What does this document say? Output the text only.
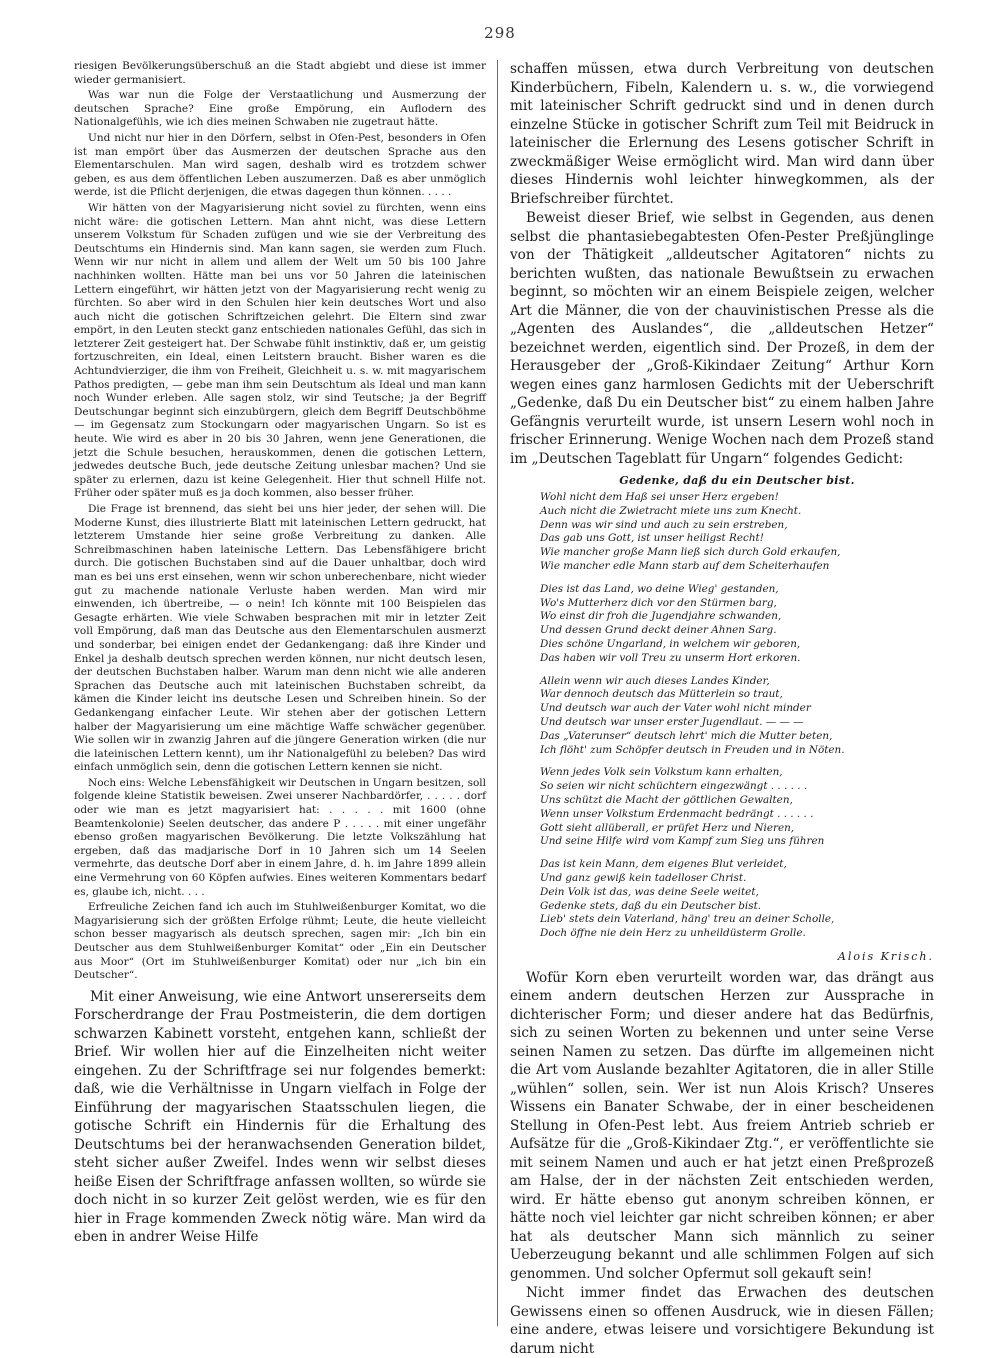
298

riesigen Bevölkerungsüberschuß an die Stadt abgiebt und diese ist immer wieder germanisiert.

Was war nun die Folge der Verstaatlichung und Ausmerzung der deutschen Sprache? Eine große Empörung, ein Auflodern des Nationalgefühls, wie ich dies meinen Schwaben nie zugetraut hätte.

Und nicht nur hier in den Dörfern, selbst in Ofen-Pest, besonders in Ofen ist man empört über das Ausmerzen der deutschen Sprache aus den Elementarschulen. Man wird sagen, deshalb wird es trotzdem schwer geben, es aus dem öffentlichen Leben auszumerzen. Daß es aber unmöglich werde, ist die Pflicht derjenigen, die etwas dagegen thun können. . . . .

Wir hätten von der Magyarisierung nicht soviel zu fürchten, wenn eins nicht wäre: die gotischen Lettern. Man ahnt nicht, was diese Lettern unserem Volkstum für Schaden zufügen und wie sie der Verbreitung des Deutschtums ein Hindernis sind. Man kann sagen, sie werden zum Fluch. Wenn wir nur nicht in allem und allem der Welt um 50 bis 100 Jahre nachhinken wollten. Hätte man bei uns vor 50 Jahren die lateinischen Lettern eingeführt, wir hätten jetzt von der Magyarisierung recht wenig zu fürchten. So aber wird in den Schulen hier kein deutsches Wort und also auch nicht die gotischen Schriftzeichen gelehrt. Die Eltern sind zwar empört, in den Leuten steckt ganz entschieden nationales Gefühl, das sich in letzterer Zeit gesteigert hat. Der Schwabe fühlt instinktiv, daß er, um geistig fortzuschreiten, ein Ideal, einen Leitstern braucht. Bisher waren es die Achtundvierziger, die ihm von Freiheit, Gleichheit u. s. w. mit magyarischem Pathos predigten, — gebe man ihm sein Deutschtum als Ideal und man kann noch Wunder erleben. Alle sagen stolz, wir sind Teutsche; ja der Begriff Deutschungar beginnt sich einzubürgern, gleich dem Begriff Deutschböhme — im Gegensatz zum Stockungarn oder magyarischen Ungarn. So ist es heute. Wie wird es aber in 20 bis 30 Jahren, wenn jene Generationen, die jetzt die Schule besuchen, herauskommen, denen die gotischen Lettern, jedwedes deutsche Buch, jede deutsche Zeitung unlesbar machen? Und sie später zu erlernen, dazu ist keine Gelegenheit. Hier thut schnell Hilfe not. Früher oder später muß es ja doch kommen, also besser früher.

Die Frage ist brennend, das sieht bei uns hier jeder, der sehen will. Die Moderne Kunst, dies illustrierte Blatt mit lateinischen Lettern gedruckt, hat letzterem Umstande hier seine große Verbreitung zu danken. Alle Schreibmaschinen haben lateinische Lettern. Das Lebensfähigere bricht durch. Die gotischen Buchstaben sind auf die Dauer unhaltbar, doch wird man es bei uns erst einsehen, wenn wir schon unberechenbare, nicht wieder gut zu machende nationale Verluste haben werden. Man wird mir einwenden, ich übertreibe, — o nein! Ich könnte mit 100 Beispielen das Gesagte erhärten. Wie viele Schwaben besprachen mit mir in letzter Zeit voll Empörung, daß man das Deutsche aus den Elementarschulen ausmerzt und sonderbar, bei einigen endet der Gedankengang: daß ihre Kinder und Enkel ja deshalb deutsch sprechen werden können, nur nicht deutsch lesen, der deutschen Buchstaben halber. Warum man denn nicht wie alle anderen Sprachen das Deutsche auch mit lateinischen Buchstaben schreibt, da kämen die Kinder leicht ins deutsche Lesen und Schreiben hinein. So der Gedankengang einfacher Leute. Wir stehen aber der gotischen Lettern halber der Magyarisierung um eine mächtige Waffe schwächer gegenüber. Wie sollen wir in zwanzig Jahren auf die jüngere Generation wirken (die nur die lateinischen Lettern kennt), um ihr Nationalgefühl zu beleben? Das wird einfach unmöglich sein, denn die gotischen Lettern kennen sie nicht.

Noch eins: Welche Lebensfähigkeit wir Deutschen in Ungarn besitzen, soll folgende kleine Statistik beweisen. Zwei unserer Nachbardörfer, . . . . . dorf oder wie man es jetzt magyarisiert hat: . . . . . mit 1600 (ohne Beamtenkolonie) Seelen deutscher, das andere P . . . . . mit einer ungefähr ebenso großen magyarischen Bevölkerung. Die letzte Volkszählung hat ergeben, daß das madjarische Dorf in 10 Jahren sich um 14 Seelen vermehrte, das deutsche Dorf aber in einem Jahre, d. h. im Jahre 1899 allein eine Vermehrung von 60 Köpfen aufwies. Eines weiteren Kommentars bedarf es, glaube ich, nicht. . . .

Erfreuliche Zeichen fand ich auch im Stuhlweißenburger Komitat, wo die Magyarisierung sich der größten Erfolge rühmt; Leute, die heute vielleicht schon besser magyarisch als deutsch sprechen, sagen mir: „Ich bin ein Deutscher aus dem Stuhlweißenburger Komitat“ oder „Ein ein Deutscher aus Moor“ (Ort im Stuhlweißenburger Komitat) oder nur „ich bin ein Deutscher“.

Mit einer Anweisung, wie eine Antwort unsererseits dem Forscherdrange der Frau Postmeisterin, die dem dortigen schwarzen Kabinett vorsteht, entgehen kann, schließt der Brief. Wir wollen hier auf die Einzelheiten nicht weiter eingehen. Zu der Schriftfrage sei nur folgendes bemerkt: daß, wie die Verhältnisse in Ungarn vielfach in Folge der Einführung der magyarischen Staatsschulen liegen, die gotische Schrift ein Hindernis für die Erhaltung des Deutschtums bei der heranwachsenden Generation bildet, steht sicher außer Zweifel. Indes wenn wir selbst dieses heiße Eisen der Schriftfrage anfassen wollten, so würde sie doch nicht in so kurzer Zeit gelöst werden, wie es für den hier in Frage kommenden Zweck nötig wäre. Man wird da eben in andrer Weise Hilfe

schaffen müssen, etwa durch Verbreitung von deutschen Kinderbüchern, Fibeln, Kalendern u. s. w., die vorwiegend mit lateinischer Schrift gedruckt sind und in denen durch einzelne Stücke in gotischer Schrift zum Teil mit Beidruck in lateinischer die Erlernung des Lesens gotischer Schrift in zweckmäßiger Weise ermöglicht wird. Man wird dann über dieses Hindernis wohl leichter hinwegkommen, als der Briefschreiber fürchtet.

Beweist dieser Brief, wie selbst in Gegenden, aus denen selbst die phantasiebegabtesten Ofen-Pester Preßjünglinge von der Thätigkeit „alldeutscher Agitatoren“ nichts zu berichten wußten, das nationale Bewußtsein zu erwachen beginnt, so möchten wir an einem Beispiele zeigen, welcher Art die Männer, die von der chauvinistischen Presse als die „Agenten des Auslandes“, die „alldeutschen Hetzer“ bezeichnet werden, eigentlich sind. Der Prozeß, in dem der Herausgeber der „Groß-Kikindaer Zeitung“ Arthur Korn wegen eines ganz harmlosen Gedichts mit der Ueberschrift „Gedenke, daß Du ein Deutscher bist“ zu einem halben Jahre Gefängnis verurteilt wurde, ist unsern Lesern wohl noch in frischer Erinnerung. Wenige Wochen nach dem Prozeß stand im „Deutschen Tageblatt für Ungarn“ folgendes Gedicht:

Gedenke, daß du ein Deutscher bist.
Wohl nicht dem Haß sei unser Herz ergeben!
Auch nicht die Zwietracht miete uns zum Knecht.
Denn was wir sind und auch zu sein erstreben,
Das gab uns Gott, ist unser heiligst Recht!
Wie mancher große Mann ließ sich durch Gold erkaufen,
Wie mancher edle Mann starb auf dem Scheiterhaufen
Dies ist das Land, wo deine Wieg' gestanden,
Wo's Mutterherz dich vor den Stürmen barg,
Wo einst dir froh die Jugendjahre schwanden,
Und dessen Grund deckt deiner Ahnen Sarg.
Dies schöne Ungarland, in welchem wir geboren,
Das haben wir voll Treu zu unserm Hort erkoren.
Allein wenn wir auch dieses Landes Kinder,
War dennoch deutsch das Mütterlein so traut,
Und deutsch war auch der Vater wohl nicht minder
Und deutsch war unser erster Jugendlaut. — — —
Das „Vaterunser“ deutsch lehrt' mich die Mutter beten,
Ich flöht' zum Schöpfer deutsch in Freuden und in Nöten.
Wenn jedes Volk sein Volkstum kann erhalten,
So seien wir nicht schüchtern eingezwängt . . . . . .
Uns schützt die Macht der göttlichen Gewalten,
Wenn unser Volkstum Erdenmacht bedrängt . . . . . .
Gott sieht allüberall, er prüfet Herz und Nieren,
Und seine Hilfe wird vom Kampf zum Sieg uns führen
Das ist kein Mann, dem eigenes Blut verleidet,
Und ganz gewiß kein tadelloser Christ.
Dein Volk ist das, was deine Seele weitet,
Gedenke stets, daß du ein Deutscher bist.
Lieb' stets dein Vaterland, häng' treu an deiner Scholle,
Doch öffne nie dein Herz zu unheildüsterm Grolle.
Alois Krisch.

Wofür Korn eben verurteilt worden war, das drängt aus einem andern deutschen Herzen zur Aussprache in dichterischer Form; und dieser andere hat das Bedürfnis, sich zu seinen Worten zu bekennen und unter seine Verse seinen Namen zu setzen. Das dürfte im allgemeinen nicht die Art vom Auslande bezahlter Agitatoren, die in aller Stille „wühlen“ sollen, sein. Wer ist nun Alois Krisch? Unseres Wissens ein Banater Schwabe, der in einer bescheidenen Stellung in Ofen-Pest lebt. Aus freiem Antrieb schrieb er Aufsätze für die „Groß-Kikindaer Ztg.“, er veröffentlichte sie mit seinem Namen und auch er hat jetzt einen Preßprozeß am Halse, der in der nächsten Zeit entschieden werden, wird. Er hätte ebenso gut anonym schreiben können, er hätte noch viel leichter gar nicht schreiben können; er aber hat als deutscher Mann sich männlich zu seiner Ueberzeugung bekannt und alle schlimmen Folgen auf sich genommen. Und solcher Opfermut soll gekauft sein!

Nicht immer findet das Erwachen des deutschen Gewissens einen so offenen Ausdruck, wie in diesen Fällen; eine andere, etwas leisere und vorsichtigere Bekundung ist darum nicht
